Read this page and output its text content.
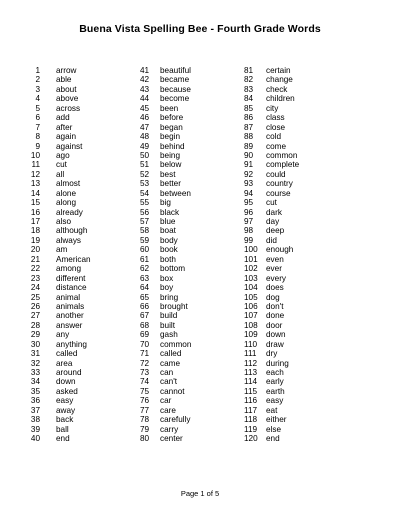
Buena Vista Spelling Bee - Fourth Grade Words
1 arrow
2 able
3 about
4 above
5 across
6 add
7 after
8 again
9 against
10 ago
11 cut
12 all
13 almost
14 alone
15 along
16 already
17 also
18 although
19 always
20 am
21 American
22 among
23 different
24 distance
25 animal
26 animals
27 another
28 answer
29 any
30 anything
31 called
32 area
33 around
34 down
35 asked
36 easy
37 away
38 back
39 ball
40 end
41	beautiful
42	became
43	because
44	become
45	been
46	before
47	began
48	begin
49	behind
50	being
51	below
52	best
53	better
54	between
55	big
56	black
57	blue
58	boat
59	body
60	book
61	both
62	bottom
63	box
64	boy
65	bring
66	brought
67	build
68	built
69	gash
70	common
71	called
72	came
73	can
74	can't
75	cannot
76	car
77	care
78	carefully
79	carry
80	center
81	certain
82	change
83	check
84	children
85	city
86	class
87	close
88	cold
89	come
90	common
91	complete
92	could
93	country
94	course
95	cut
96	dark
97	day
98	deep
99	did
100	enough
101	even
102	ever
103	every
104	does
105	dog
106	don't
107	done
108	door
109	down
110	draw
111	dry
112	during
113	each
114	early
115	earth
116	easy
117	eat
118	either
119	else
120	end
Page 1 of 5
